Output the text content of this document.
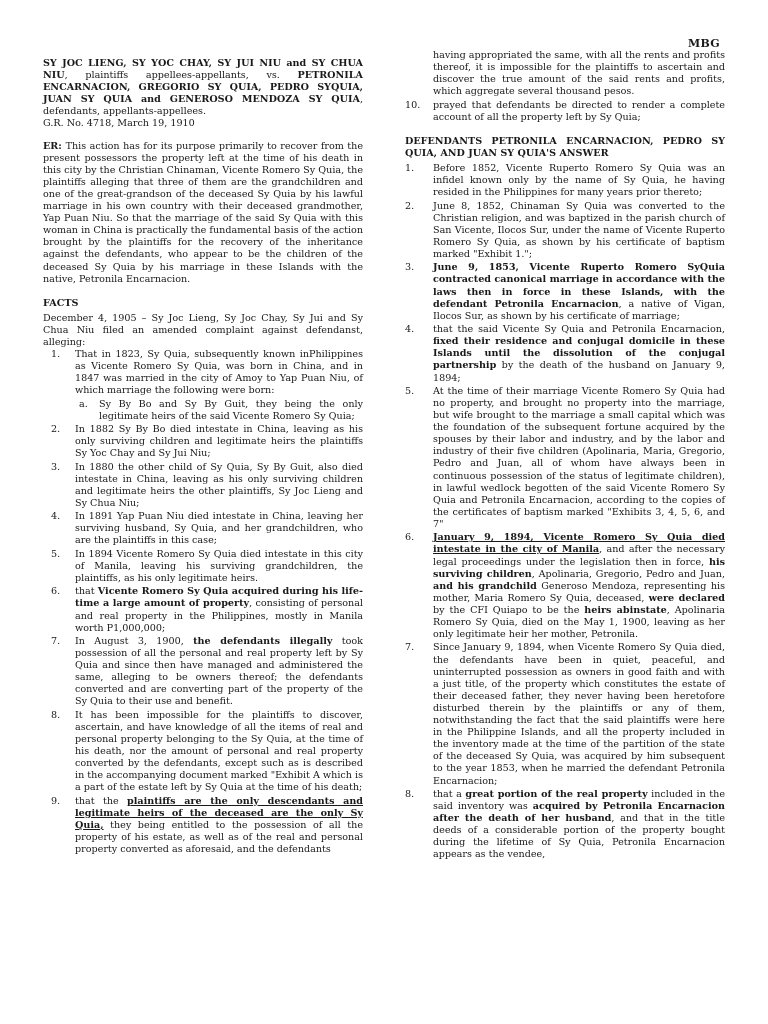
MBG
SY JOC LIENG, SY YOC CHAY, SY JUI NIU and SY CHUA NIU, plaintiffs appellees-appellants, vs. PETRONILA ENCARNACION, GREGORIO SY QUIA, PEDRO SYQUIA, JUAN SY QUIA and GENEROSO MENDOZA SY QUIA, defendants, appellants-appellees.
G.R. No. 4718, March 19, 1910

ER: This action has for its purpose primarily to recover from the present possessors the property left at the time of his death in this city by the Christian Chinaman, Vicente Romero Sy Quia, the plaintiffs alleging that three of them are the grandchildren and one of the great-grandson of the deceased Sy Quia by his lawful marriage in his own country with their deceased grandmother, Yap Puan Niu. So that the marriage of the said Sy Quia with this woman in China is practically the fundamental basis of the action brought by the plaintiffs for the recovery of the inheritance against the defendants, who appear to be the children of the deceased Sy Quia by his marriage in these Islands with the native, Petronila Encarnacion.

FACTS

December 4, 1905 – Sy Joc Lieng, Sy Joc Chay, Sy Jui and Sy Chua Niu filed an amended complaint against defendanst, alleging:

1. That in 1823, Sy Quia, subsequently known inPhilippines as Vicente Romero Sy Quia, was born in China, and in 1847 was married in the city of Amoy to Yap Puan Niu, of which marriage the following were born:
a. Sy By Bo and Sy By Guit, they being the only legitimate heirs of the said Vicente Romero Sy Quia;
2. In 1882 Sy By Bo died intestate in China, leaving as his only surviving children and legitimate heirs the plaintiffs Sy Yoc Chay and Sy Jui Niu;
3. In 1880 the other child of Sy Quia, Sy By Guit, also died intestate in China, leaving as his only surviving children and legitimate heirs the other plaintiffs, Sy Joc Lieng and Sy Chua Niu;
4. In 1891 Yap Puan Niu died intestate in China, leaving her surviving husband, Sy Quia, and her grandchildren, who are the plaintiffs in this case;
5. In 1894 Vicente Romero Sy Quia died intestate in this city of Manila, leaving his surviving grandchildren, the plaintiffs, as his only legitimate heirs.
6. that Vicente Romero Sy Quia acquired during his life-time a large amount of property, consisting of personal and real property in the Philippines, mostly in Manila worth P1,000,000;
7. In August 3, 1900, the defendants illegally took possession of all the personal and real property left by Sy Quia and since then have managed and administered the same, alleging to be owners thereof; the defendants converted and are converting part of the property of the Sy Quia to their use and benefit.
8. It has been impossible for the plaintiffs to discover, ascertain, and have knowledge of all the items of real and personal property belonging to the Sy Quia, at the time of his death, nor the amount of personal and real property converted by the defendants, except such as is described in the accompanying document marked "Exhibit A which is a part of the estate left by Sy Quia at the time of his death;
9. that the plaintiffs are the only descendants and legitimate heirs of the deceased are the only Sy Quia, they being entitled to the possession of all the property of his estate, as well as of the real and personal property converted as aforesaid, and the defendants
having appropriated the same, with all the rents and profits thereof, it is impossible for the plaintiffs to ascertain and discover the true amount of the said rents and profits, which aggregate several thousand pesos.
10. prayed that defendants be directed to render a complete account of all the property left by Sy Quia;
DEFENDANTS PETRONILA ENCARNACION, PEDRO SY QUIA, AND JUAN SY QUIA'S ANSWER
1. Before 1852, Vicente Ruperto Romero Sy Quia was an infidel known only by the name of Sy Quia, he having resided in the Philippines for many years prior thereto;
2. June 8, 1852, Chinaman Sy Quia was converted to the Christian religion, and was baptized in the parish church of San Vicente, Ilocos Sur, under the name of Vicente Ruperto Romero Sy Quia, as shown by his certificate of baptism marked "Exhibit 1.";
3. June 9, 1853, Vicente Ruperto Romero SyQuia contracted canonical marriage in accordance with the laws then in force in these Islands, with the defendant Petronila Encarnacion, a native of Vigan, Ilocos Sur, as shown by his certificate of marriage;
4. that the said Vicente Sy Quia and Petronila Encarnacion, fixed their residence and conjugal domicile in these Islands until the dissolution of the conjugal partnership by the death of the husband on January 9, 1894;
5. At the time of their marriage Vicente Romero Sy Quia had no property, and brought no property into the marriage, but wife brought to the marriage a small capital which was the foundation of the subsequent fortune acquired by the spouses by their labor and industry, and by the labor and industry of their five children (Apolinaria, Maria, Gregorio, Pedro and Juan, all of whom have always been in continuous possession of the status of legitimate children), in lawful wedlock begotten of the said Vicente Romero Sy Quia and Petronila Encarnacion, according to the copies of the certificates of baptism marked "Exhibits 3, 4, 5, 6, and 7"
6. January 9, 1894, Vicente Romero Sy Quia died intestate in the city of Manila, and after the necessary legal proceedings under the legislation then in force, his surviving children, Apolinaria, Gregorio, Pedro and Juan, and his grandchild Generoso Mendoza, representing his mother, Maria Romero Sy Quia, deceased, were declared by the CFI Quiapo to be the heirs abinstate, Apolinaria Romero Sy Quia, died on the May 1, 1900, leaving as her only legitimate heir her mother, Petronila.
7. Since January 9, 1894, when Vicente Romero Sy Quia died, the defendants have been in quiet, peaceful, and uninterrupted possession as owners in good faith and with a just title, of the property which constitutes the estate of their deceased father, they never having been heretofore disturbed therein by the plaintiffs or any of them, notwithstanding the fact that the said plaintiffs were here in the Philippine Islands, and all the property included in the inventory made at the time of the partition of the state of the deceased Sy Quia, was acquired by him subsequent to the year 1853, when he married the defendant Petronila Encarnacion;
8. that a great portion of the real property included in the said inventory was acquired by Petronila Encarnacion after the death of her husband, and that in the title deeds of a considerable portion of the property bought during the lifetime of Sy Quia, Petronila Encarnacion appears as the vendee,
